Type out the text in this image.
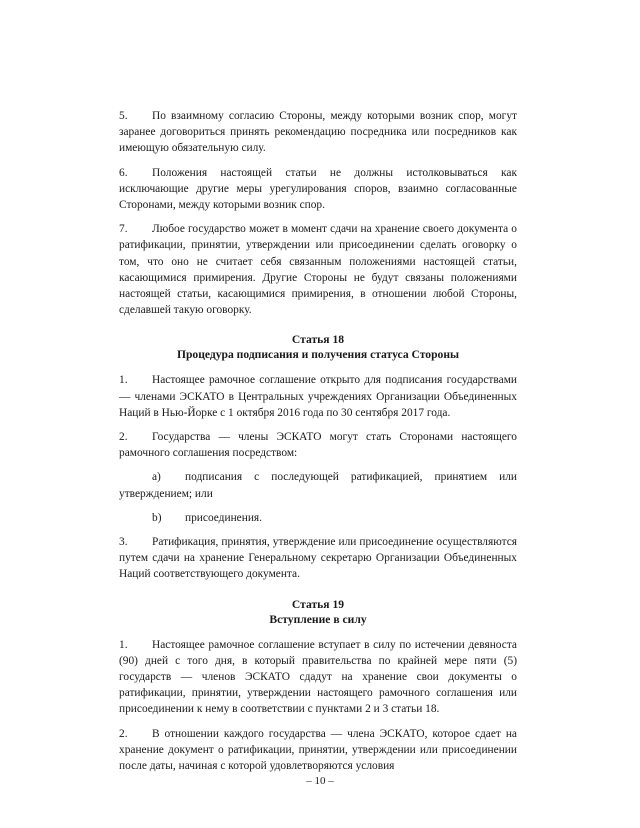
5. По взаимному согласию Стороны, между которыми возник спор, могут заранее договориться принять рекомендацию посредника или посредников как имеющую обязательную силу.

6. Положения настоящей статьи не должны истолковываться как исключающие другие меры урегулирования споров, взаимно согласованные Сторонами, между которыми возник спор.

7. Любое государство может в момент сдачи на хранение своего документа о ратификации, принятии, утверждении или присоединении сделать оговорку о том, что оно не считает себя связанным положениями настоящей статьи, касающимися примирения. Другие Стороны не будут связаны положениями настоящей статьи, касающимися примирения, в отношении любой Стороны, сделавшей такую оговорку.

Статья 18
Процедура подписания и получения статуса Стороны

1. Настоящее рамочное соглашение открыто для подписания государствами — членами ЭСКАТО в Центральных учреждениях Организации Объединенных Наций в Нью-Йорке с 1 октября 2016 года по 30 сентября 2017 года.

2. Государства — члены ЭСКАТО могут стать Сторонами настоящего рамочного соглашения посредством:

a) подписания с последующей ратификацией, принятием или утверждением; или

b) присоединения.

3. Ратификация, принятия, утверждение или присоединение осуществляются путем сдачи на хранение Генеральному секретарю Организации Объединенных Наций соответствующего документа.

Статья 19
Вступление в силу

1. Настоящее рамочное соглашение вступает в силу по истечении девяноста (90) дней с того дня, в который правительства по крайней мере пяти (5) государств — членов ЭСКАТО сдадут на хранение свои документы о ратификации, принятии, утверждении настоящего рамочного соглашения или присоединении к нему в соответствии с пунктами 2 и 3 статьи 18.

2. В отношении каждого государства — члена ЭСКАТО, которое сдает на хранение документ о ратификации, принятии, утверждении или присоединении после даты, начиная с которой удовлетворяются условия

– 10 –
